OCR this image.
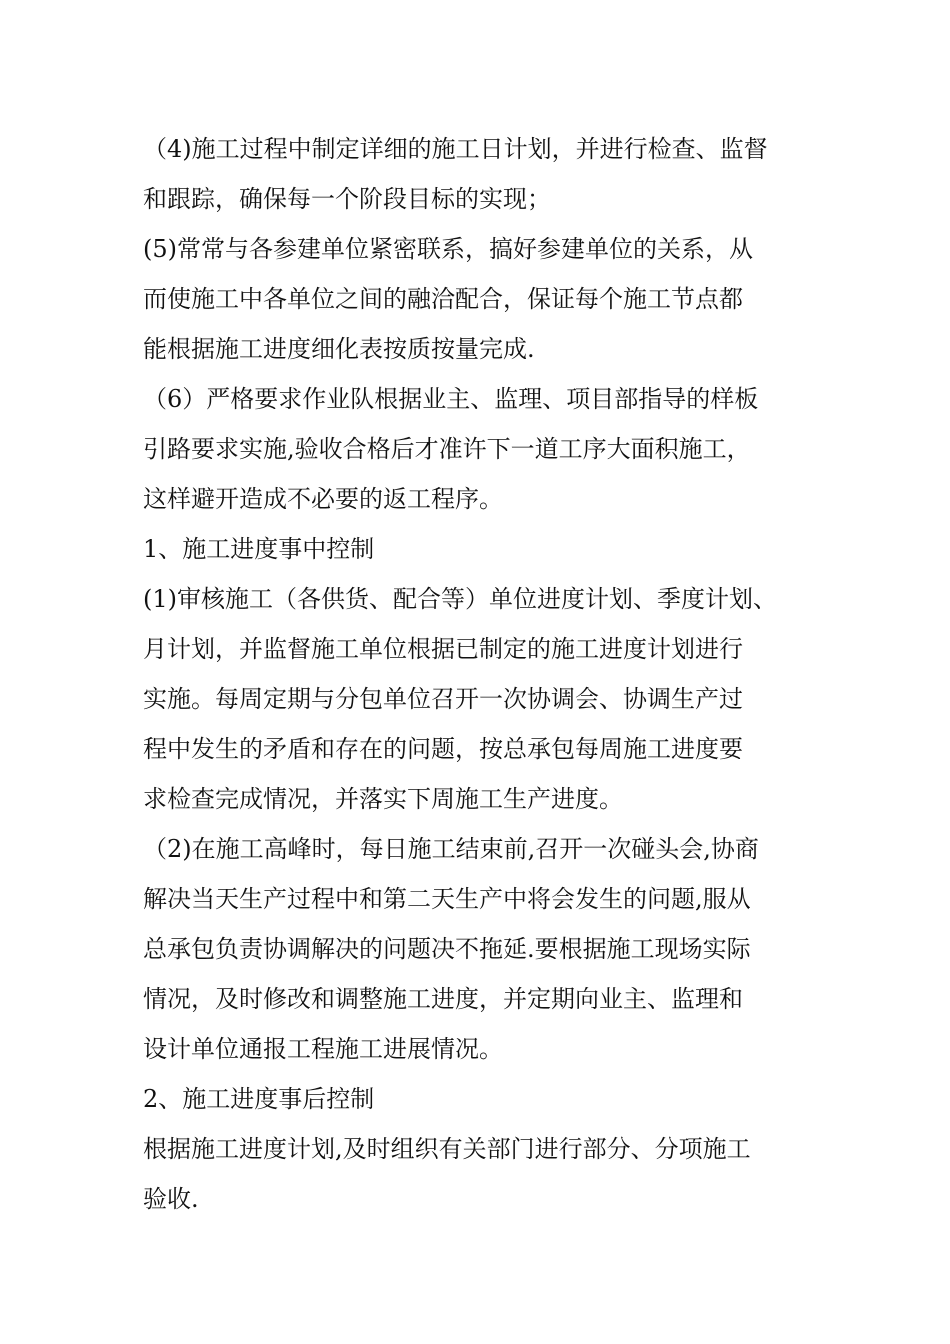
（4)施工过程中制定详细的施工日计划，并进行检查、监督
和跟踪，确保每一个阶段目标的实现；
(5)常常与各参建单位紧密联系，搞好参建单位的关系，从
而使施工中各单位之间的融洽配合，保证每个施工节点都
能根据施工进度细化表按质按量完成.
（6）严格要求作业队根据业主、监理、项目部指导的样板
引路要求实施,验收合格后才准许下一道工序大面积施工，
这样避开造成不必要的返工程序。
1、施工进度事中控制
(1)审核施工（各供货、配合等）单位进度计划、季度计划、
月计划，并监督施工单位根据已制定的施工进度计划进行
实施。每周定期与分包单位召开一次协调会、协调生产过
程中发生的矛盾和存在的问题，按总承包每周施工进度要
求检查完成情况，并落实下周施工生产进度。
（2)在施工高峰时，每日施工结束前,召开一次碰头会,协商
解决当天生产过程中和第二天生产中将会发生的问题,服从
总承包负责协调解决的问题决不拖延.要根据施工现场实际
情况，及时修改和调整施工进度，并定期向业主、监理和
设计单位通报工程施工进展情况。
2、施工进度事后控制
根据施工进度计划,及时组织有关部门进行部分、分项施工
验收.
